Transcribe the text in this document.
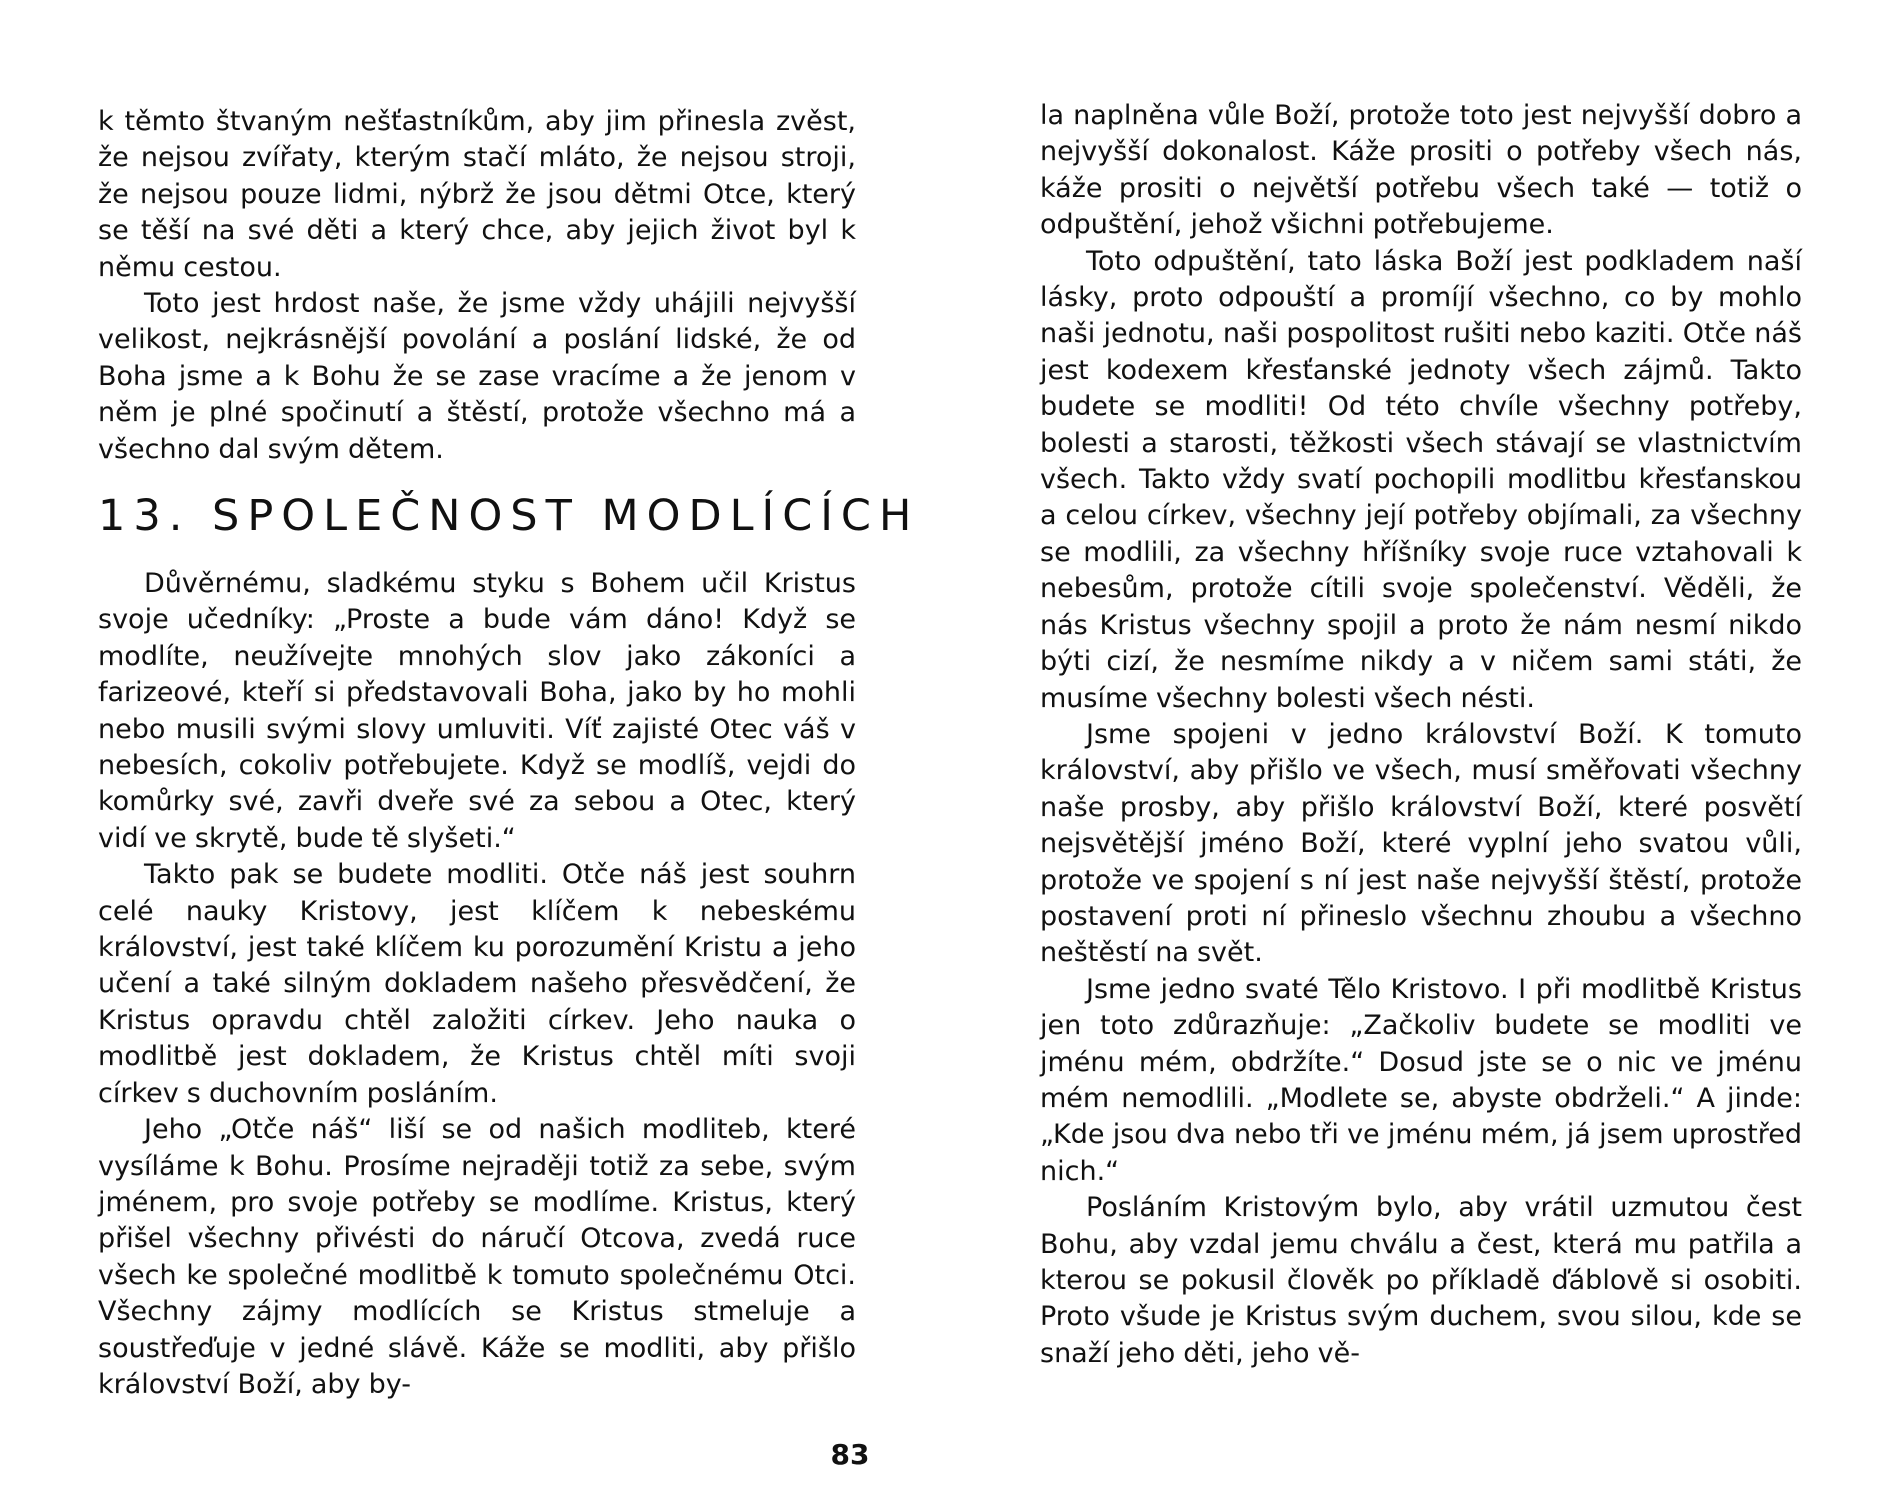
k těmto štvaným nešťastníkům, aby jim přinesla zvěst, že nejsou zvířaty, kterým stačí mláto, že nejsou stroji, že nejsou pouze lidmi, nýbrž že jsou dětmi Otce, který se těší na své děti a který chce, aby jejich život byl k němu cestou.

Toto jest hrdost naše, že jsme vždy uhájili nejvyšší velikost, nejkrásnější povolání a poslání lidské, že od Boha jsme a k Bohu že se zase vracíme a že jenom v něm je plné spočinutí a štěstí, protože všechno má a všechno dal svým dětem.

13. SPOLEČNOST MODLÍCÍCH

Důvěrnému, sladkému styku s Bohem učil Kristus svoje učedníky: „Proste a bude vám dáno! Když se modlíte, neužívejte mnohých slov jako zákoníci a farizeové, kteří si představovali Boha, jako by ho mohli nebo musili svými slovy umluviti. Víť zajisté Otec váš v nebesích, cokoliv potřebujete. Když se modlíš, vejdi do komůrky své, zavři dveře své za sebou a Otec, který vidí ve skrytě, bude tě slyšeti.“

Takto pak se budete modliti. Otče náš jest souhrn celé nauky Kristovy, jest klíčem k nebeskému království, jest také klíčem ku porozumění Kristu a jeho učení a také silným dokladem našeho přesvědčení, že Kristus opravdu chtěl založiti církev. Jeho nauka o modlitbě jest dokladem, že Kristus chtěl míti svoji církev s duchovním posláním.

Jeho „Otče náš“ liší se od našich modliteb, které vysíláme k Bohu. Prosíme nejraději totiž za sebe, svým jménem, pro svoje potřeby se modlíme. Kristus, který přišel všechny přivésti do náručí Otcova, zvedá ruce všech ke společné modlitbě k tomuto společnému Otci. Všechny zájmy modlících se Kristus stmeluje a soustřeďuje v jedné slávě. Káže se modliti, aby přišlo království Boží, aby by-

la naplněna vůle Boží, protože toto jest nejvyšší dobro a nejvyšší dokonalost. Káže prositi o potřeby všech nás, káže prositi o největší potřebu všech také — totiž o odpuštění, jehož všichni potřebujeme.

Toto odpuštění, tato láska Boží jest podkladem naší lásky, proto odpouští a promíjí všechno, co by mohlo naši jednotu, naši pospolitost rušiti nebo kaziti. Otče náš jest kodexem křesťanské jednoty všech zájmů. Takto budete se modliti! Od této chvíle všechny potřeby, bolesti a starosti, těžkosti všech stávají se vlastnictvím všech. Takto vždy svatí pochopili modlitbu křesťanskou a celou církev, všechny její potřeby objímali, za všechny se modlili, za všechny hříšníky svoje ruce vztahovali k nebesům, protože cítili svoje společenství. Věděli, že nás Kristus všechny spojil a proto že nám nesmí nikdo býti cizí, že nesmíme nikdy a v ničem sami státi, že musíme všechny bolesti všech nésti.

Jsme spojeni v jedno království Boží. K tomuto království, aby přišlo ve všech, musí směřovati všechny naše prosby, aby přišlo království Boží, které posvětí nejsvětější jméno Boží, které vyplní jeho svatou vůli, protože ve spojení s ní jest naše nejvyšší štěstí, protože postavení proti ní přineslo všechnu zhoubu a všechno neštěstí na svět.

Jsme jedno svaté Tělo Kristovo. I při modlitbě Kristus jen toto zdůrazňuje: „Začkoliv budete se modliti ve jménu mém, obdržíte.“ Dosud jste se o nic ve jménu mém nemodlili. „Modlete se, abyste obdrželi.“ A jinde: „Kde jsou dva nebo tři ve jménu mém, já jsem uprostřed nich.“

Posláním Kristovým bylo, aby vrátil uzmutou čest Bohu, aby vzdal jemu chválu a čest, která mu patřila a kterou se pokusil člověk po příkladě ďáblově si osobiti. Proto všude je Kristus svým duchem, svou silou, kde se snaží jeho děti, jeho vě-

83
